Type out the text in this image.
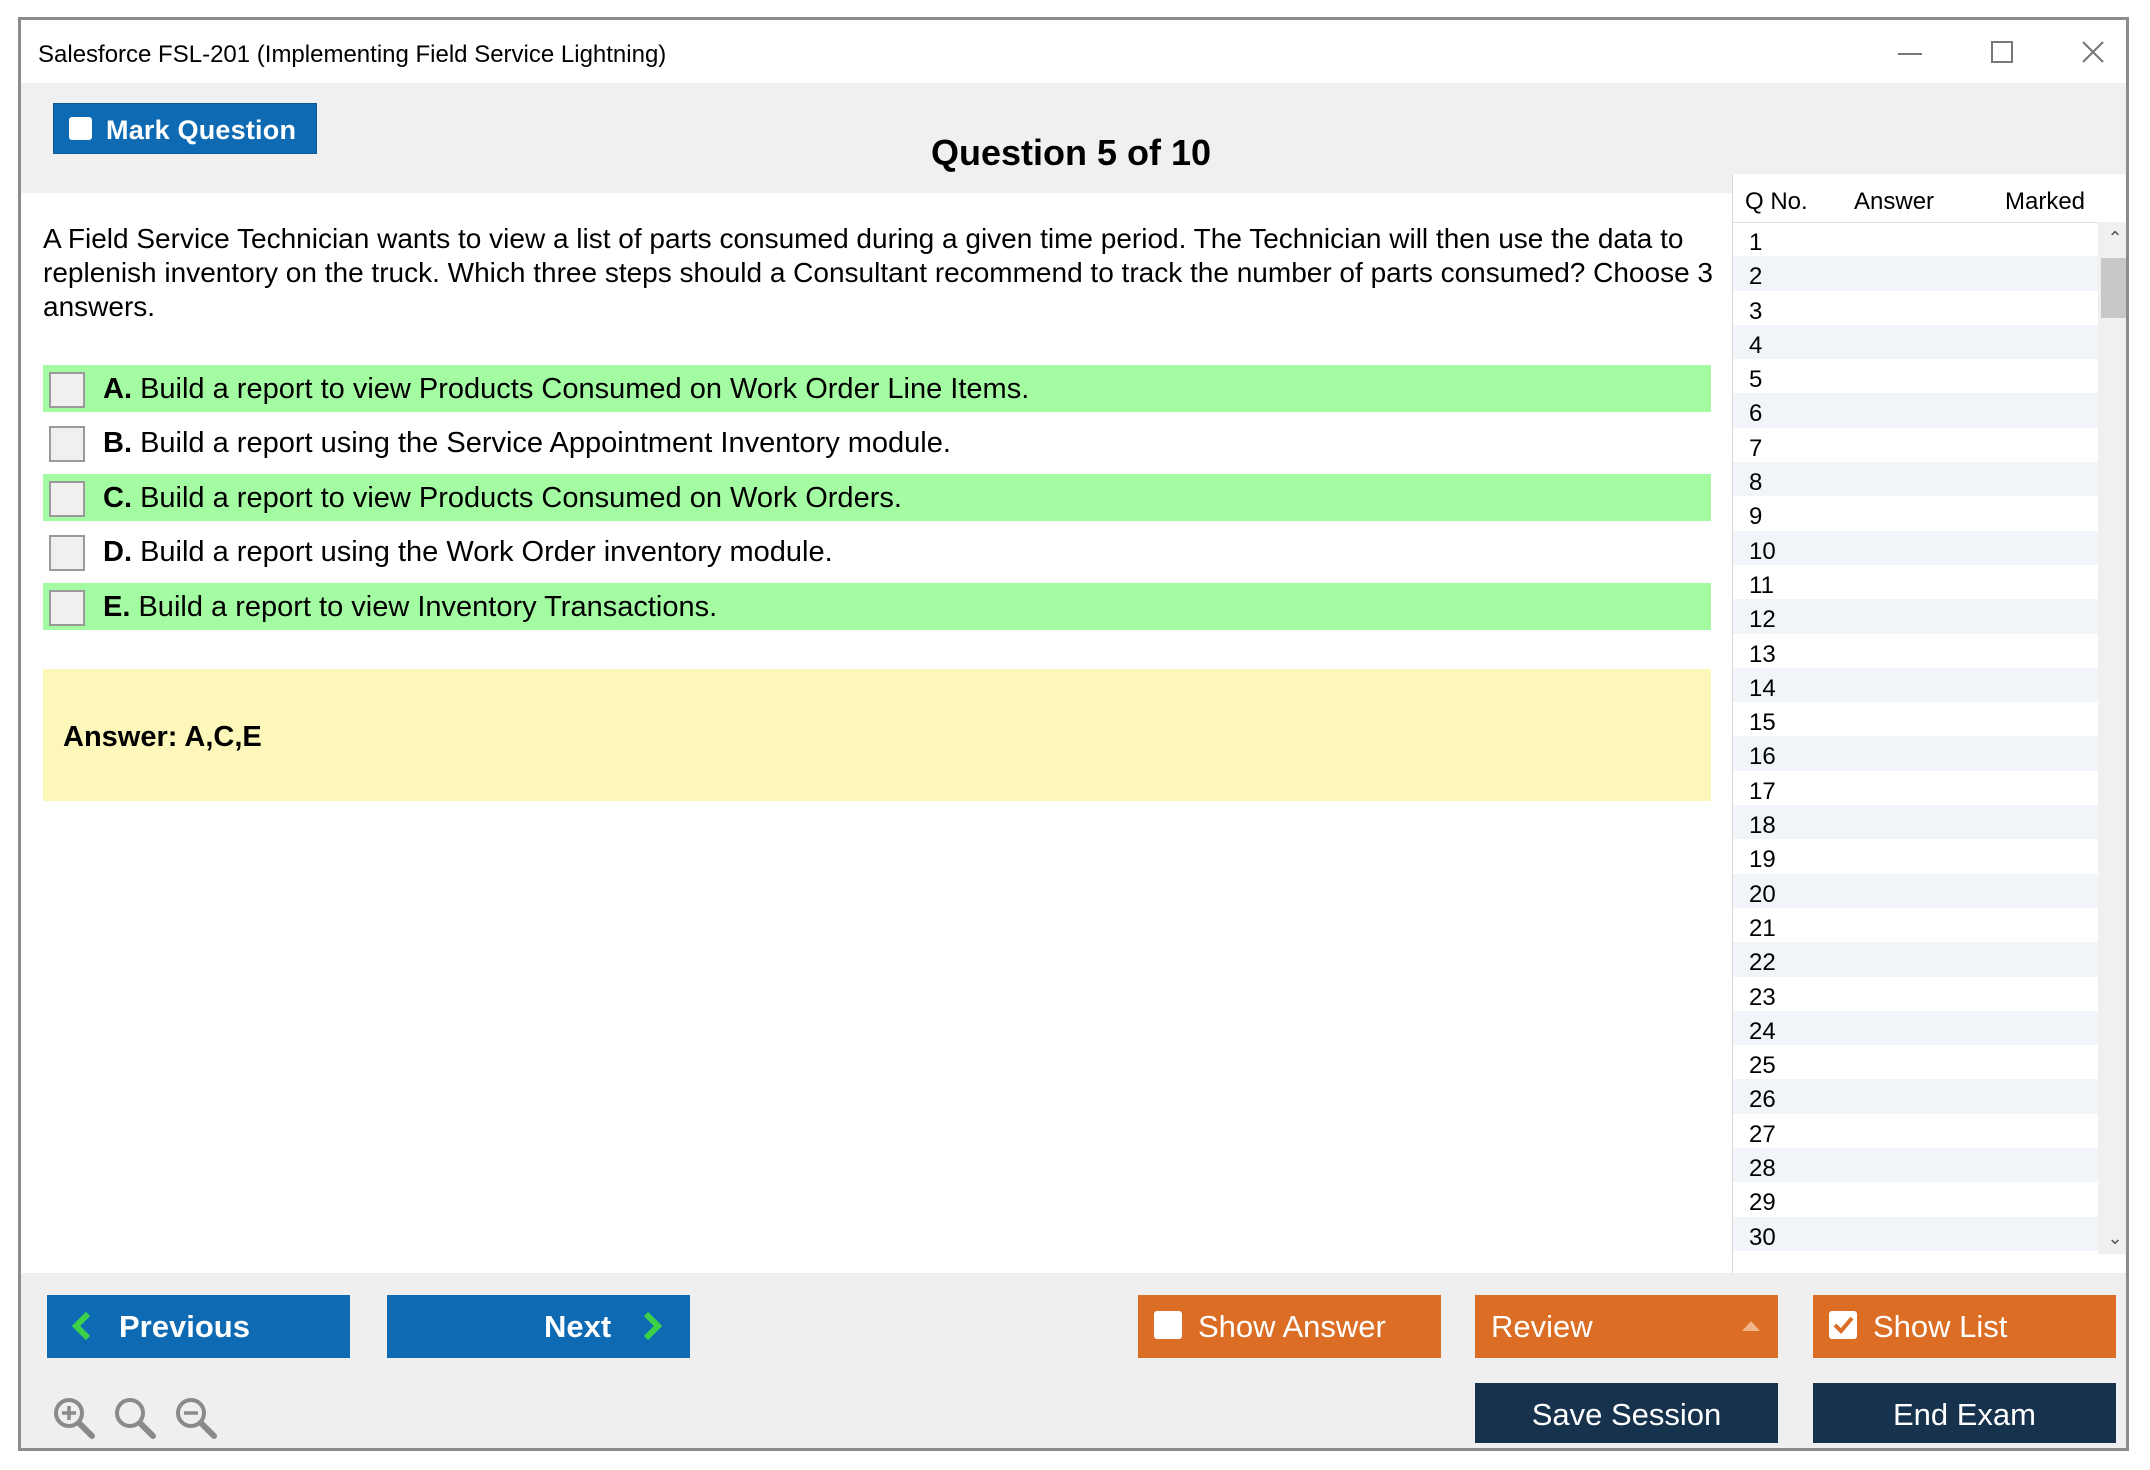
Salesforce FSL-201 (Implementing Field Service Lightning)
Mark Question
Question 5 of 10
A Field Service Technician wants to view a list of parts consumed during a given time period. The Technician will then use the data to replenish inventory on the truck. Which three steps should a Consultant recommend to track the number of parts consumed? Choose 3 answers.
A. Build a report to view Products Consumed on Work Order Line Items.
B. Build a report using the Service Appointment Inventory module.
C. Build a report to view Products Consumed on Work Orders.
D. Build a report using the Work Order inventory module.
E. Build a report to view Inventory Transactions.
Answer: A,C,E
Q No. Answer	Marked
1
2
3
4
5
6
7
8
9
10
11
12
13
14
15
16
17
18
19
20
21
22
23
24
25
26
27
28
29
30
⌃
⌄
Previous	Next	Show Answer	Review	Show List
Save Session	End Exam
